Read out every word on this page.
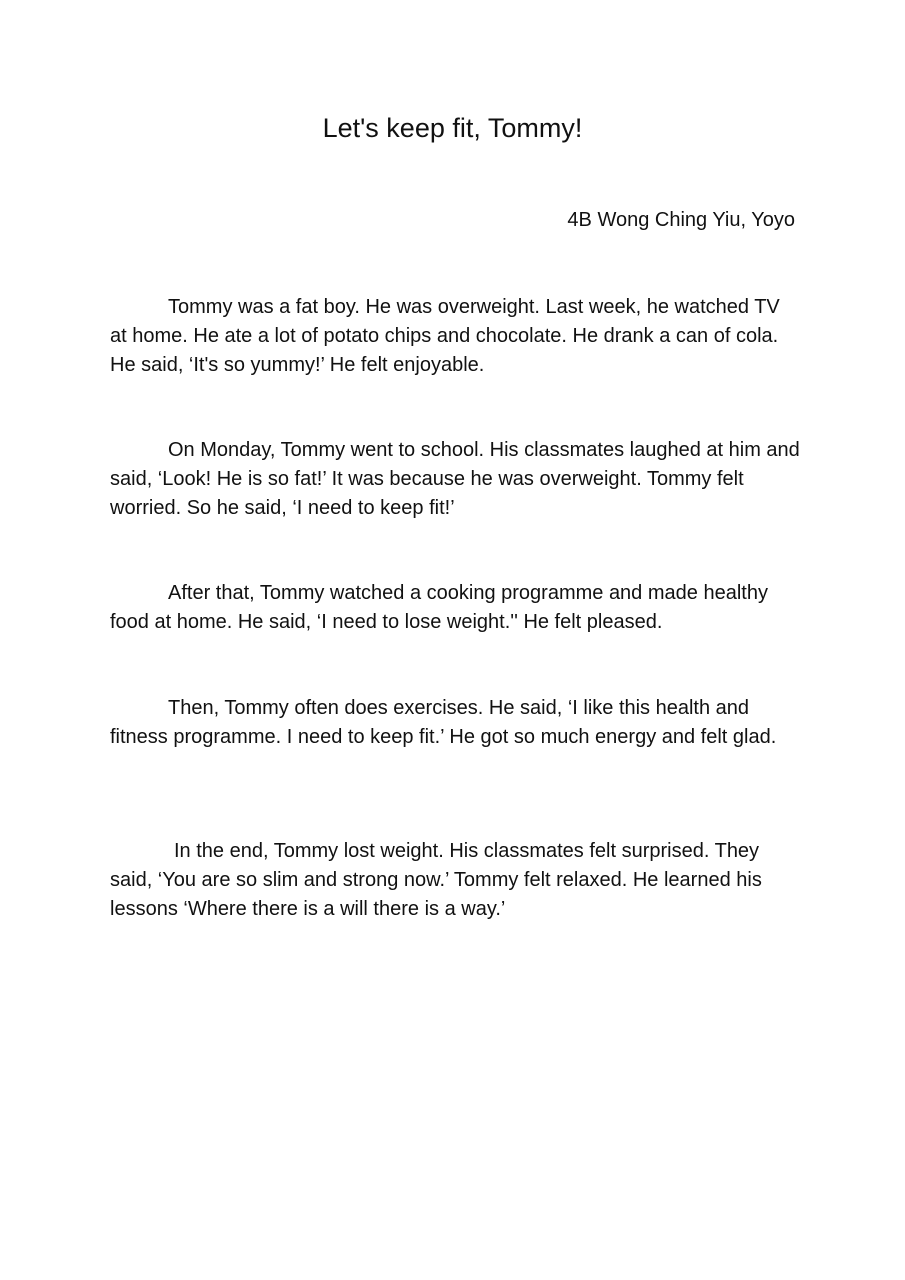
Let's keep fit, Tommy!

4B Wong Ching Yiu, Yoyo

Tommy was a fat boy. He was overweight. Last week, he watched TV at home. He ate a lot of potato chips and chocolate. He drank a can of cola. He said, ‘It's so yummy!’ He felt enjoyable.

On Monday, Tommy went to school. His classmates laughed at him and said, ‘Look! He is so fat!’ It was because he was overweight. Tommy felt worried. So he said, ‘I need to keep fit!’

After that, Tommy watched a cooking programme and made healthy food at home. He said, ‘I need to lose weight.'' He felt pleased.

Then, Tommy often does exercises. He said, ‘I like this health and fitness programme. I need to keep fit.’ He got so much energy and felt glad.

In the end, Tommy lost weight. His classmates felt surprised. They said, ‘You are so slim and strong now.’ Tommy felt relaxed. He learned his lessons ‘Where there is a will there is a way.’
